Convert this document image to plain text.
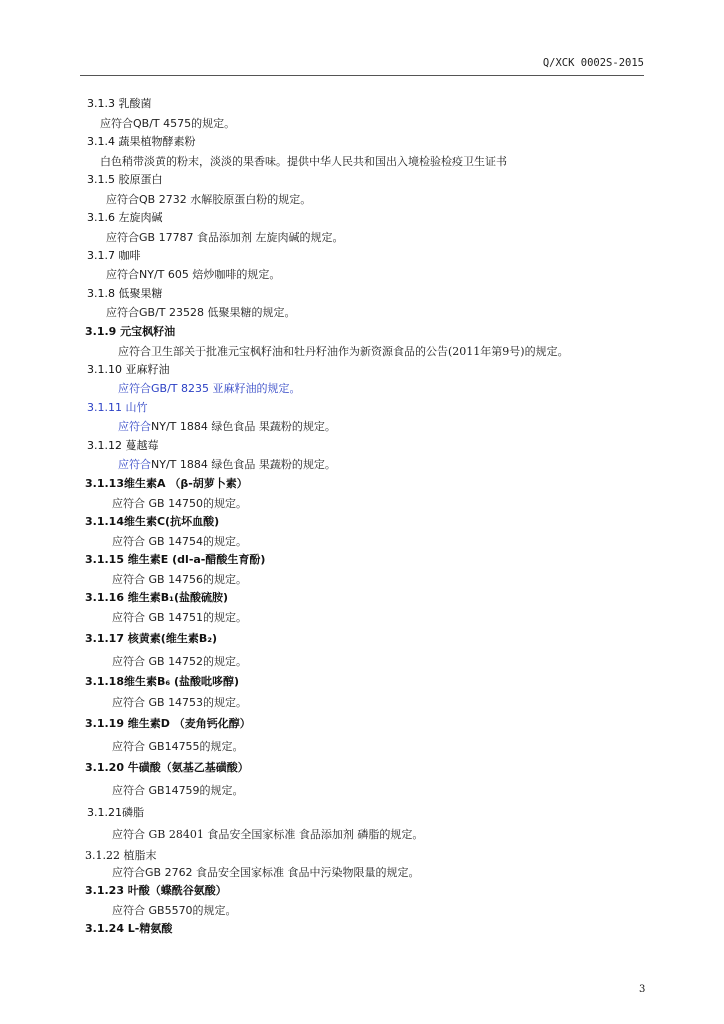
Q/XCK 0002S-2015
3.1.3 乳酸菌
应符合QB/T 4575的规定。
3.1.4 蔬果植物酵素粉
白色稍带淡黄的粉末，淡淡的果香味。提供中华人民共和国出入境检验检疫卫生证书
3.1.5 胶原蛋白
应符合QB 2732 水解胶原蛋白粉的规定。
3.1.6 左旋肉碱
应符合GB 17787 食品添加剂 左旋肉碱的规定。
3.1.7 咖啡
应符合NY/T 605 焙炒咖啡的规定。
3.1.8 低聚果糖
应符合GB/T 23528 低聚果糖的规定。
3.1.9 元宝枫籽油
应符合卫生部关于批准元宝枫籽油和牡丹籽油作为新资源食品的公告(2011年第9号)的规定。
3.1.10 亚麻籽油
应符合GB/T 8235 亚麻籽油的规定。
3.1.11 山竹
应符合NY/T 1884 绿色食品 果蔬粉的规定。
3.1.12 蔓越莓
应符合NY/T 1884 绿色食品 果蔬粉的规定。
3.1.13维生素A （β-胡萝卜素）
应符合 GB 14750的规定。
3.1.14维生素C(抗坏血酸)
应符合 GB 14754的规定。
3.1.15 维生素E (dl-a-醋酸生育酚)
应符合 GB 14756的规定。
3.1.16 维生素B₁(盐酸硫胺)
应符合 GB 14751的规定。
3.1.17 核黄素(维生素B₂)
应符合 GB 14752的规定。
3.1.18维生素B₆ (盐酸吡哆醇)
应符合 GB 14753的规定。
3.1.19 维生素D （麦角钙化醇）
应符合 GB14755的规定。
3.1.20 牛磺酸（氨基乙基磺酸）
应符合 GB14759的规定。
3.1.21磷脂
应符合 GB 28401 食品安全国家标准 食品添加剂 磷脂的规定。
3.1.22 植脂末
应符合GB 2762 食品安全国家标准 食品中污染物限量的规定。
3.1.23 叶酸（蝶酰谷氨酸）
应符合 GB5570的规定。
3.1.24 L-精氨酸
3
